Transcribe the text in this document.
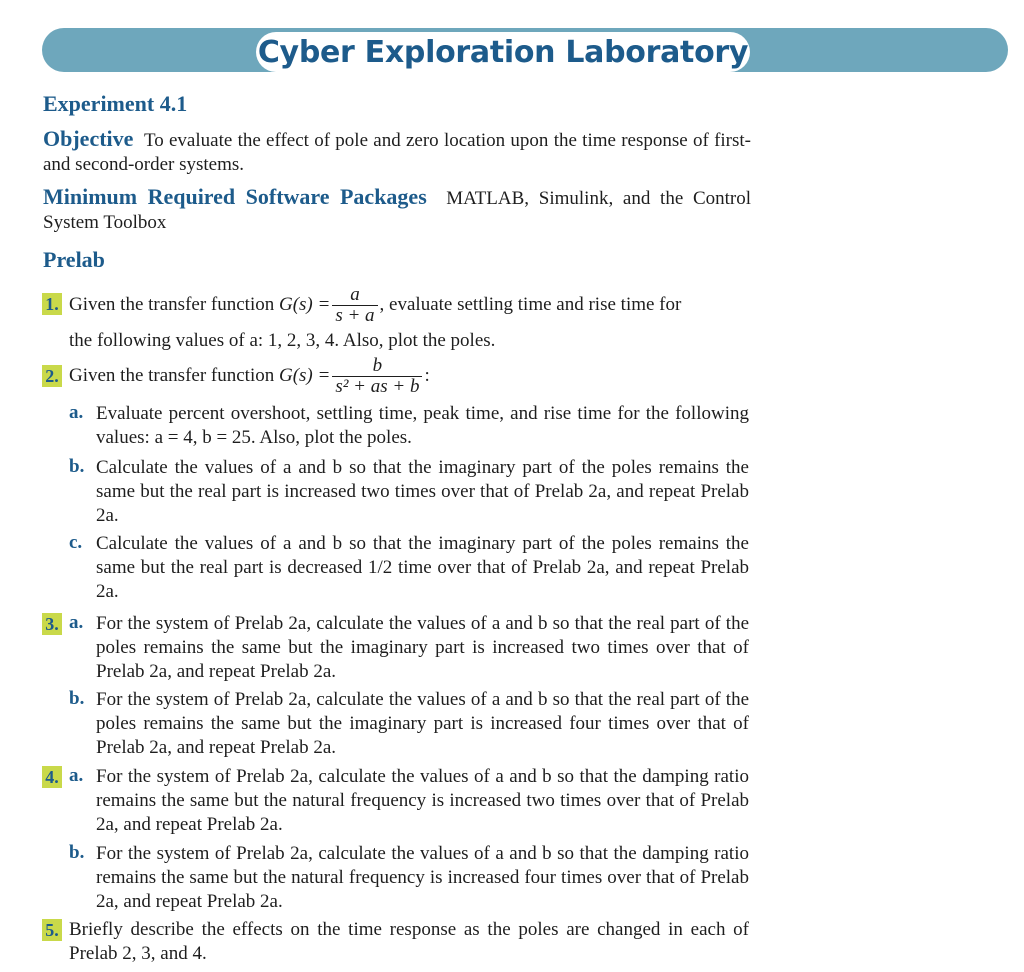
Cyber Exploration Laboratory
Experiment 4.1
Objective To evaluate the effect of pole and zero location upon the time response of first- and second-order systems.
Minimum Required Software Packages MATLAB, Simulink, and the Control System Toolbox
Prelab
1. Given the transfer function
$G(s) = \frac{a}{s + a}$ , evaluate settling time and rise time for
the following values of a: 1, 2, 3, 4. Also, plot the poles.
2. Given the transfer function
$G(s) = \frac{b}{\text{s² + as + b}}$ :
a. Evaluate percent overshoot, settling time, peak time, and rise time for the following values: a = 4, b = 25. Also, plot the poles.
b. Calculate the values of a and b so that the imaginary part of the poles remains the same but the real part is increased two times over that of Prelab 2a, and repeat Prelab 2a.
c. Calculate the values of a and b so that the imaginary part of the poles remains the same but the real part is decreased 1/2 time over that of Prelab 2a, and repeat Prelab 2a.
3. a. For the system of Prelab 2a, calculate the values of a and b so that the real part of the poles remains the same but the imaginary part is increased two times over that of Prelab 2a, and repeat Prelab 2a.
b. For the system of Prelab 2a, calculate the values of a and b so that the real part of the poles remains the same but the imaginary part is increased four times over that of Prelab 2a, and repeat Prelab 2a.
4. a. For the system of Prelab 2a, calculate the values of a and b so that the damping ratio remains the same but the natural frequency is increased two times over that of Prelab 2a, and repeat Prelab 2a.
b. For the system of Prelab 2a, calculate the values of a and b so that the damping ratio remains the same but the natural frequency is increased four times over that of Prelab 2a, and repeat Prelab 2a.
5. Briefly describe the effects on the time response as the poles are changed in each of Prelab 2, 3, and 4.
